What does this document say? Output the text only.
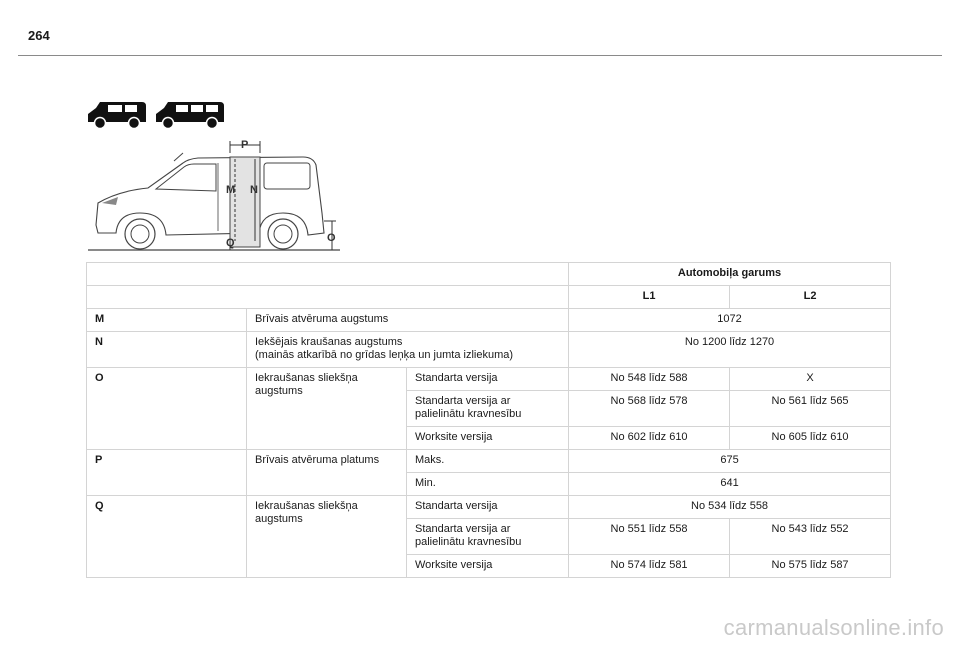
264
P
M N
Q	O
			Automobiļa garums	
			L1	L2
M	Brīvais atvēruma augstums		1072	
N	Iekšējais kraušanas augstums
(mainās atkarībā no grīdas leņķa un jumta izliekuma)		No 1200 līdz 1270	
O	Iekraušanas sliekšņa
augstums	Standarta versija	No 548 līdz 588	X
		Standarta versija ar
palielinātu kravnesību	No 568 līdz 578	No 561 līdz 565
		Worksite versija	No 602 līdz 610	No 605 līdz 610
P	Brīvais atvēruma platums	Maks.	675	
		Min.	641	
Q	Iekraušanas sliekšņa
augstums	Standarta versija	No 534 līdz 558	
		Standarta versija ar
palielinātu kravnesību	No 551 līdz 558	No 543 līdz 552
		Worksite versija	No 574 līdz 581	No 575 līdz 587
carmanualsonline.info
